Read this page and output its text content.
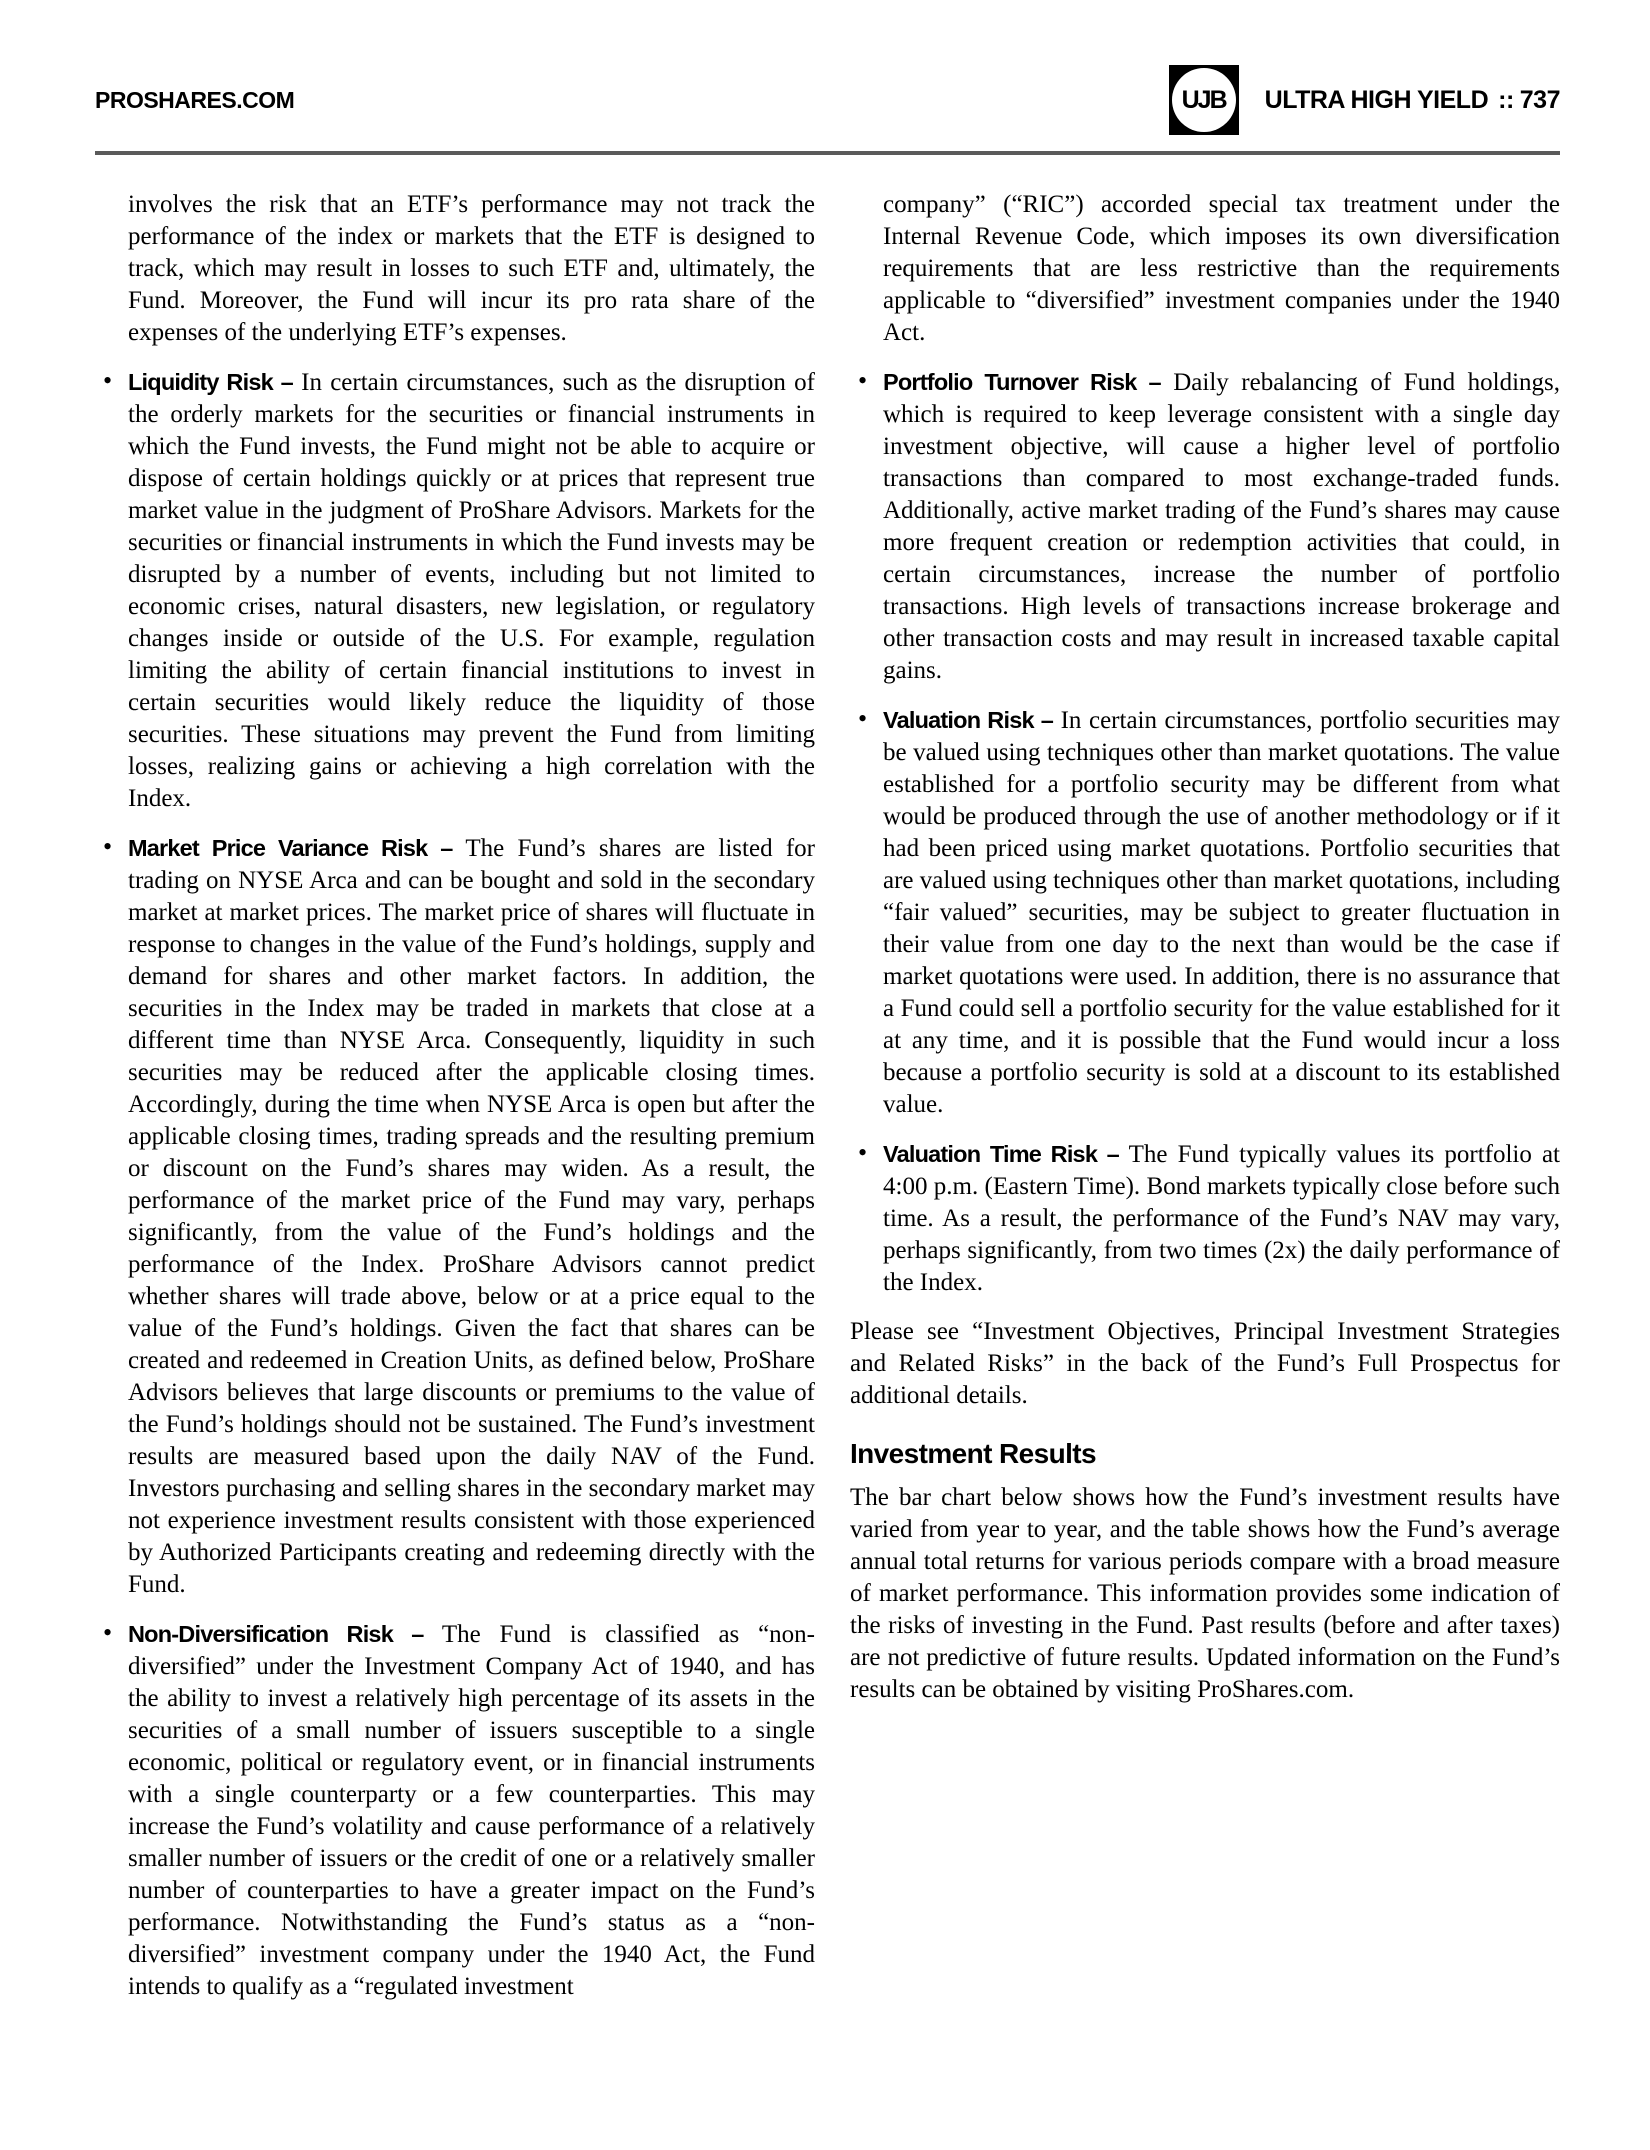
PROSHARES.COM	UJB ULTRA HIGH YIELD :: 737

involves the risk that an ETF’s performance may not track the performance of the index or markets that the ETF is designed to track, which may result in losses to such ETF and, ultimately, the Fund. Moreover, the Fund will incur its pro rata share of the expenses of the underlying ETF’s expenses.

• Liquidity Risk – In certain circumstances, such as the disruption of the orderly markets for the securities or financial instruments in which the Fund invests, the Fund might not be able to acquire or dispose of certain holdings quickly or at prices that represent true market value in the judgment of ProShare Advisors. Markets for the securities or financial instruments in which the Fund invests may be disrupted by a number of events, including but not limited to economic crises, natural disasters, new legislation, or regulatory changes inside or outside of the U.S. For example, regulation limiting the ability of certain financial institutions to invest in certain securities would likely reduce the liquidity of those securities. These situations may prevent the Fund from limiting losses, realizing gains or achieving a high correlation with the Index.
• Market Price Variance Risk – The Fund’s shares are listed for trading on NYSE Arca and can be bought and sold in the secondary market at market prices. The market price of shares will fluctuate in response to changes in the value of the Fund’s holdings, supply and demand for shares and other market factors. In addition, the securities in the Index may be traded in markets that close at a different time than NYSE Arca. Consequently, liquidity in such securities may be reduced after the applicable closing times. Accordingly, during the time when NYSE Arca is open but after the applicable closing times, trading spreads and the resulting premium or discount on the Fund’s shares may widen. As a result, the performance of the market price of the Fund may vary, perhaps significantly, from the value of the Fund’s holdings and the performance of the Index. ProShare Advisors cannot predict whether shares will trade above, below or at a price equal to the value of the Fund’s holdings. Given the fact that shares can be created and redeemed in Creation Units, as defined below, ProShare Advisors believes that large discounts or premiums to the value of the Fund’s holdings should not be sustained. The Fund’s investment results are measured based upon the daily NAV of the Fund. Investors purchasing and selling shares in the secondary market may not experience investment results consistent with those experienced by Authorized Participants creating and redeeming directly with the Fund.
• Non-Diversification Risk – The Fund is classified as “non-diversified” under the Investment Company Act of 1940, and has the ability to invest a relatively high percentage of its assets in the securities of a small number of issuers susceptible to a single economic, political or regulatory event, or in financial instruments with a single counterparty or a few counterparties. This may increase the Fund’s volatility and cause performance of a relatively smaller number of issuers or the credit of one or a relatively smaller number of counterparties to have a greater impact on the Fund’s performance. Notwithstanding the Fund’s status as a “non-diversified” investment company under the 1940 Act, the Fund intends to qualify as a “regulated investment

company” (“RIC”) accorded special tax treatment under the Internal Revenue Code, which imposes its own diversification requirements that are less restrictive than the requirements applicable to “diversified” investment companies under the 1940 Act.

• Portfolio Turnover Risk – Daily rebalancing of Fund holdings, which is required to keep leverage consistent with a single day investment objective, will cause a higher level of portfolio transactions than compared to most exchange-traded funds. Additionally, active market trading of the Fund’s shares may cause more frequent creation or redemption activities that could, in certain circumstances, increase the number of portfolio transactions. High levels of transactions increase brokerage and other transaction costs and may result in increased taxable capital gains.
• Valuation Risk – In certain circumstances, portfolio securities may be valued using techniques other than market quotations. The value established for a portfolio security may be different from what would be produced through the use of another methodology or if it had been priced using market quotations. Portfolio securities that are valued using techniques other than market quotations, including “fair valued” securities, may be subject to greater fluctuation in their value from one day to the next than would be the case if market quotations were used. In addition, there is no assurance that a Fund could sell a portfolio security for the value established for it at any time, and it is possible that the Fund would incur a loss because a portfolio security is sold at a discount to its established value.
• Valuation Time Risk – The Fund typically values its portfolio at 4:00 p.m. (Eastern Time). Bond markets typically close before such time. As a result, the performance of the Fund’s NAV may vary, perhaps significantly, from two times (2x) the daily performance of the Index.

Please see “Investment Objectives, Principal Investment Strategies and Related Risks” in the back of the Fund’s Full Prospectus for additional details.

Investment Results

The bar chart below shows how the Fund’s investment results have varied from year to year, and the table shows how the Fund’s average annual total returns for various periods compare with a broad measure of market performance. This information provides some indication of the risks of investing in the Fund. Past results (before and after taxes) are not predictive of future results. Updated information on the Fund’s results can be obtained by visiting ProShares.com.
